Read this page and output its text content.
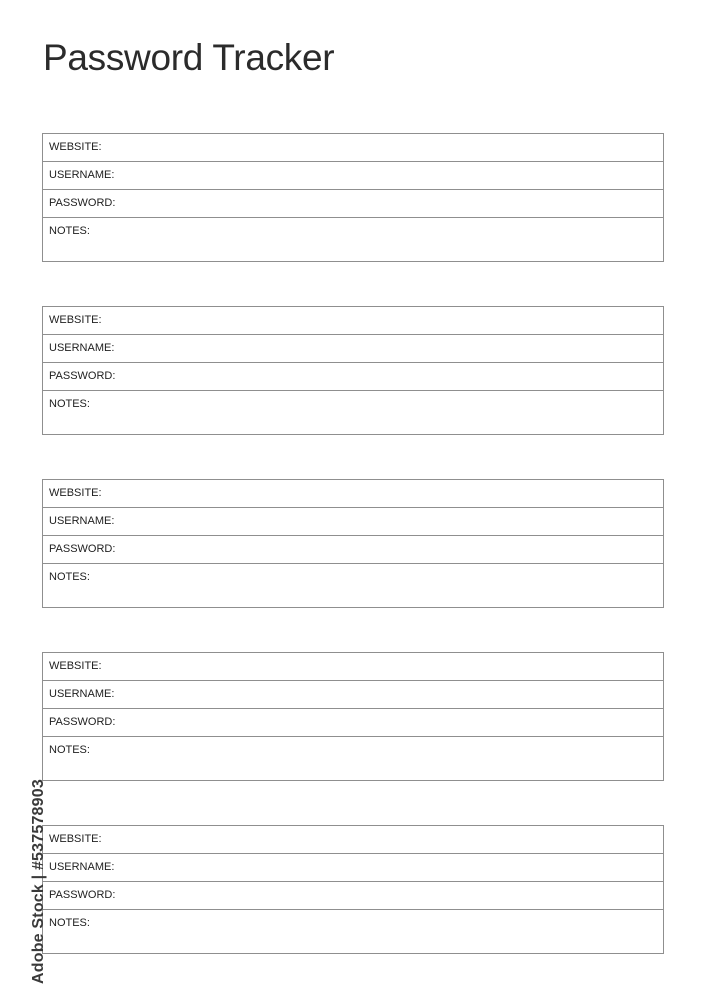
Password Tracker
WEBSITE:
USERNAME:
PASSWORD:
NOTES:
WEBSITE:
USERNAME:
PASSWORD:
NOTES:
WEBSITE:
USERNAME:
PASSWORD:
NOTES:
WEBSITE:
USERNAME:
PASSWORD:
NOTES:
WEBSITE:
USERNAME:
PASSWORD:
NOTES:
Adobe Stock | #537578903
